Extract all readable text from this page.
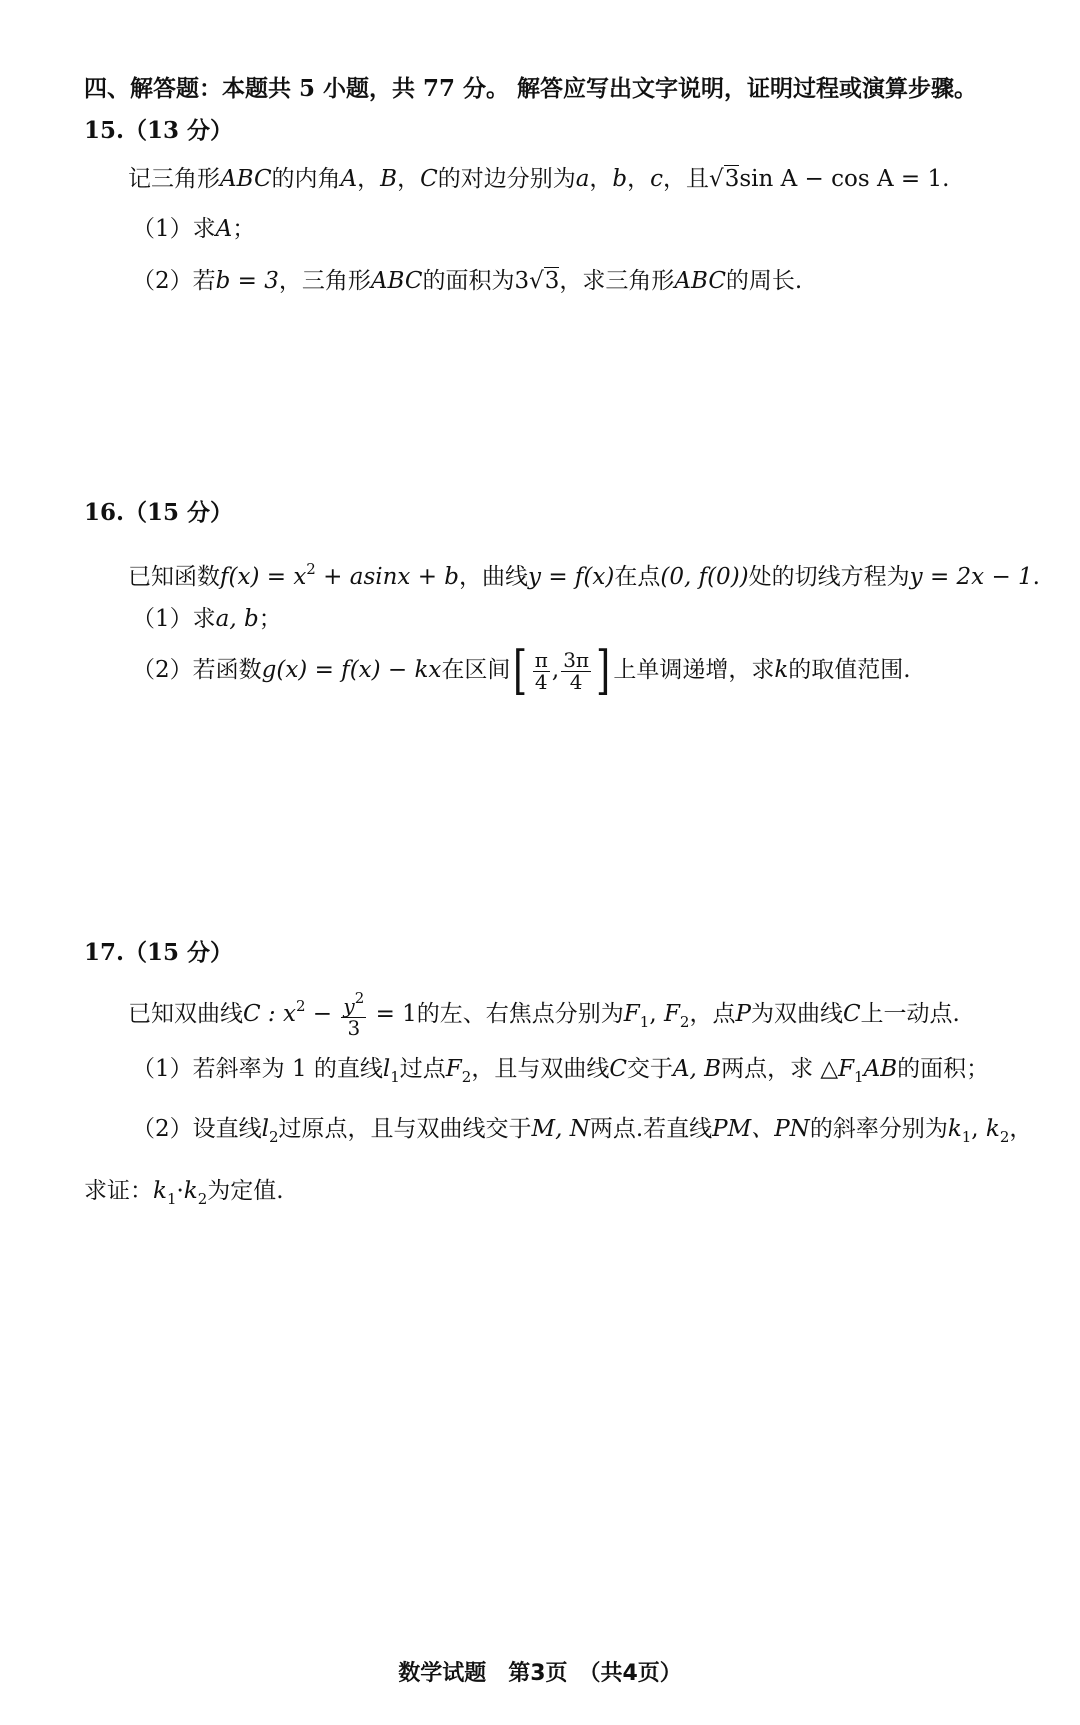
四、解答题：本题共 5 小题，共 77 分。 解答应写出文字说明，证明过程或演算步骤。
15.（13 分）
记三角形ABC的内角A，B，C的对边分别为a，b，c，且√3sin A − cos A = 1.
（1）求A；
（2）若b = 3，三角形ABC的面积为3√3，求三角形ABC的周长.
16.（15 分）
已知函数$f(x) = x^2 + asinx + b$，曲线y = f(x)在点(0, f(0))处的切线方程为y = 2x − 1.
（1）求a, b；
（2）若函数g(x) = f(x) − kx在区间[ $\frac{\pi}{4}$ , $\frac{3\pi}{4}$ ] 上单调递增，求k的取值范围.
17.（15 分）
已知双曲线C : $x^2 - \frac{y^2}{3} = 1$的左、右焦点分别为$F_1$, $F_2$，点P为双曲线C上一动点.
（1）若斜率为 1 的直线$l_1$过点$F_2$，且与双曲线C交于A, B两点，求 $\triangle F_1AB$的面积；
（2）设直线$l_2$过原点，且与双曲线交于M, N两点.若直线PM、PN的斜率分别为$k_1$, $k_2$，
求证：$k_1\cdot k_2$为定值.
数学试题　第3页　（共4页）
